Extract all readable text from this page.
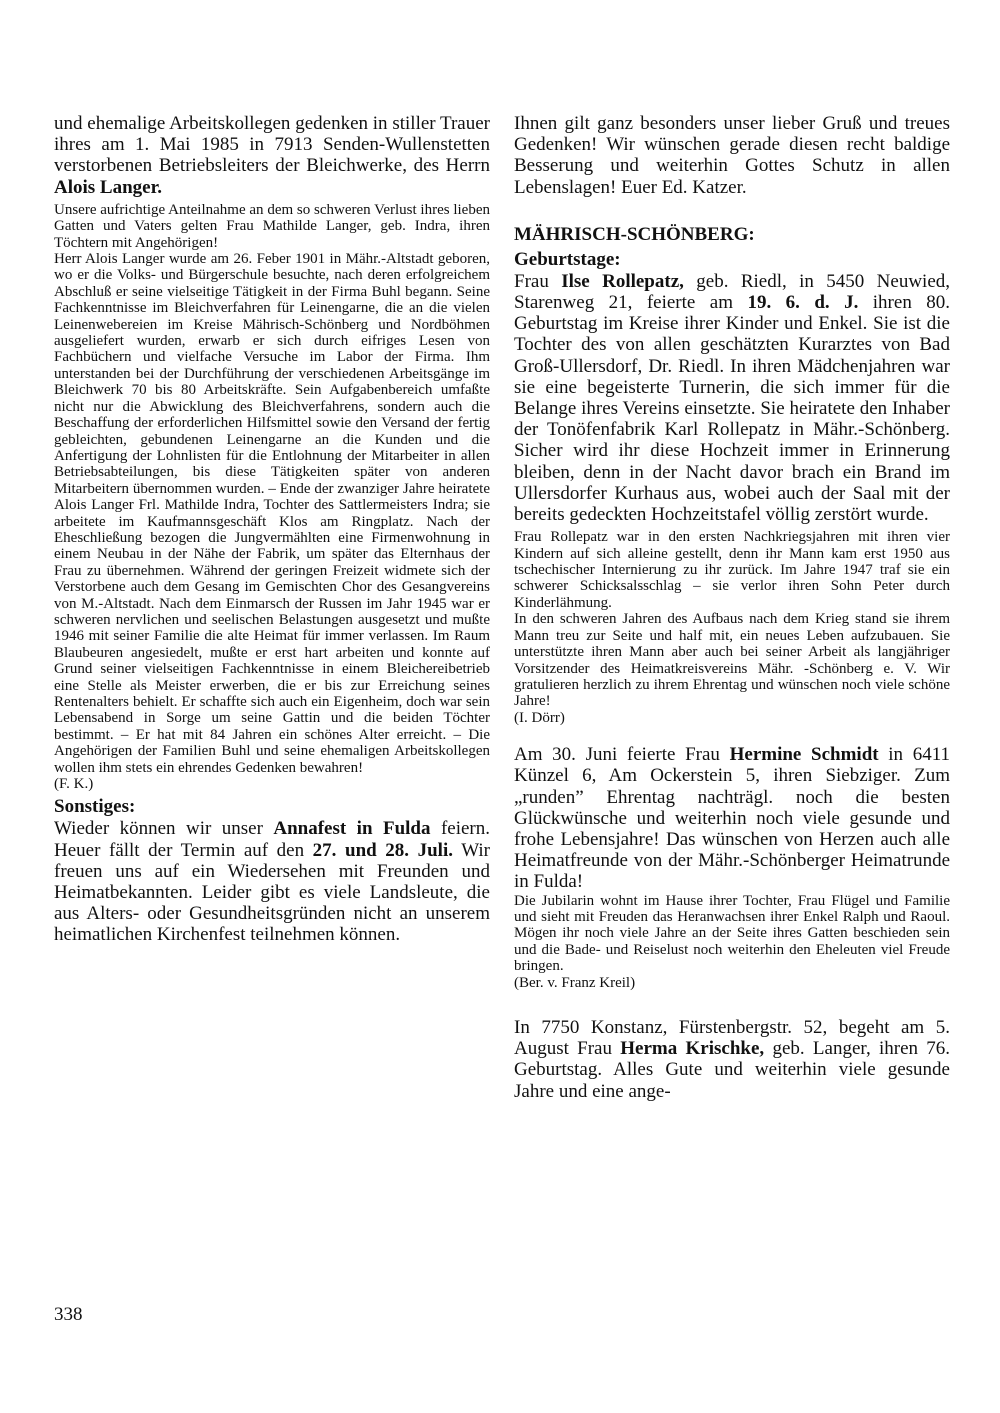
und ehemalige Arbeitskollegen gedenken in stiller Trauer ihres am 1. Mai 1985 in 7913 Senden-Wullenstetten verstorbenen Betriebsleiters der Bleichwerke, des Herrn Alois Langer.

Unsere aufrichtige Anteilnahme an dem so schweren Verlust ihres lieben Gatten und Vaters gelten Frau Mathilde Langer, geb. Indra, ihren Töchtern mit Angehörigen!

Herr Alois Langer wurde am 26. Feber 1901 in Mähr.-Altstadt geboren, wo er die Volks- und Bürgerschule besuchte, nach deren erfolgreichem Abschluß er seine vielseitige Tätigkeit in der Firma Buhl begann. Seine Fachkenntnisse im Bleichverfahren für Leinengarne, die an die vielen Leinenwebereien im Kreise Mährisch-Schönberg und Nordböhmen ausgeliefert wurden, erwarb er sich durch eifriges Lesen von Fachbüchern und vielfache Versuche im Labor der Firma. Ihm unterstanden bei der Durchführung der verschiedenen Arbeitsgänge im Bleichwerk 70 bis 80 Arbeitskräfte. Sein Aufgabenbereich umfaßte nicht nur die Abwicklung des Bleichverfahrens, sondern auch die Beschaffung der erforderlichen Hilfsmittel sowie den Versand der fertig gebleichten, gebundenen Leinengarne an die Kunden und die Anfertigung der Lohnlisten für die Entlohnung der Mitarbeiter in allen Betriebsabteilungen, bis diese Tätigkeiten später von anderen Mitarbeitern übernommen wurden. – Ende der zwanziger Jahre heiratete Alois Langer Frl. Mathilde Indra, Tochter des Sattlermeisters Indra; sie arbeitete im Kaufmannsgeschäft Klos am Ringplatz. Nach der Eheschließung bezogen die Jungvermählten eine Firmenwohnung in einem Neubau in der Nähe der Fabrik, um später das Elternhaus der Frau zu übernehmen. Während der geringen Freizeit widmete sich der Verstorbene auch dem Gesang im Gemischten Chor des Gesangvereins von M.-Altstadt. Nach dem Einmarsch der Russen im Jahr 1945 war er schweren nervlichen und seelischen Belastungen ausgesetzt und mußte 1946 mit seiner Familie die alte Heimat für immer verlassen. Im Raum Blaubeuren angesiedelt, mußte er erst hart arbeiten und konnte auf Grund seiner vielseitigen Fachkenntnisse in einem Bleichereibetrieb eine Stelle als Meister erwerben, die er bis zur Erreichung seines Rentenalters behielt. Er schaffte sich auch ein Eigenheim, doch war sein Lebensabend in Sorge um seine Gattin und die beiden Töchter bestimmt. – Er hat mit 84 Jahren ein schönes Alter erreicht. – Die Angehörigen der Familien Buhl und seine ehemaligen Arbeitskollegen wollen ihm stets ein ehrendes Gedenken bewahren!

(F. K.)

Sonstiges:

Wieder können wir unser Annafest in Fulda feiern. Heuer fällt der Termin auf den 27. und 28. Juli. Wir freuen uns auf ein Wiedersehen mit Freunden und Heimatbekannten. Leider gibt es viele Landsleute, die aus Alters- oder Gesundheitsgründen nicht an unserem heimatlichen Kirchenfest teilnehmen können.

Ihnen gilt ganz besonders unser lieber Gruß und treues Gedenken! Wir wünschen gerade diesen recht baldige Besserung und weiterhin Gottes Schutz in allen Lebenslagen! Euer Ed. Katzer.

MÄHRISCH-SCHÖNBERG:

Geburtstage:

Frau Ilse Rollepatz, geb. Riedl, in 5450 Neuwied, Starenweg 21, feierte am 19. 6. d. J. ihren 80. Geburtstag im Kreise ihrer Kinder und Enkel. Sie ist die Tochter des von allen geschätzten Kurarztes von Bad Groß-Ullersdorf, Dr. Riedl. In ihren Mädchenjahren war sie eine begeisterte Turnerin, die sich immer für die Belange ihres Vereins einsetzte. Sie heiratete den Inhaber der Tonöfenfabrik Karl Rollepatz in Mähr.-Schönberg. Sicher wird ihr diese Hochzeit immer in Erinnerung bleiben, denn in der Nacht davor brach ein Brand im Ullersdorfer Kurhaus aus, wobei auch der Saal mit der bereits gedeckten Hochzeitstafel völlig zerstört wurde.

Frau Rollepatz war in den ersten Nachkriegsjahren mit ihren vier Kindern auf sich alleine gestellt, denn ihr Mann kam erst 1950 aus tschechischer Internierung zu ihr zurück. Im Jahre 1947 traf sie ein schwerer Schicksalsschlag – sie verlor ihren Sohn Peter durch Kinderlähmung.

In den schweren Jahren des Aufbaus nach dem Krieg stand sie ihrem Mann treu zur Seite und half mit, ein neues Leben aufzubauen. Sie unterstützte ihren Mann aber auch bei seiner Arbeit als langjähriger Vorsitzender des Heimatkreisvereins Mähr. -Schönberg e. V. Wir gratulieren herzlich zu ihrem Ehrentag und wünschen noch viele schöne Jahre!

(I. Dörr)

Am 30. Juni feierte Frau Hermine Schmidt in 6411 Künzel 6, Am Ockerstein 5, ihren Siebziger. Zum „runden” Ehrentag nachträgl. noch die besten Glückwünsche und weiterhin noch viele gesunde und frohe Lebensjahre! Das wünschen von Herzen auch alle Heimatfreunde von der Mähr.-Schönberger Heimatrunde in Fulda!

Die Jubilarin wohnt im Hause ihrer Tochter, Frau Flügel und Familie und sieht mit Freuden das Heranwachsen ihrer Enkel Ralph und Raoul. Mögen ihr noch viele Jahre an der Seite ihres Gatten beschieden sein und die Bade- und Reiselust noch weiterhin den Eheleuten viel Freude bringen.

(Ber. v. Franz Kreil)

In 7750 Konstanz, Fürstenbergstr. 52, begeht am 5. August Frau Herma Krischke, geb. Langer, ihren 76. Geburtstag. Alles Gute und weiterhin viele gesunde Jahre und eine ange-

338
